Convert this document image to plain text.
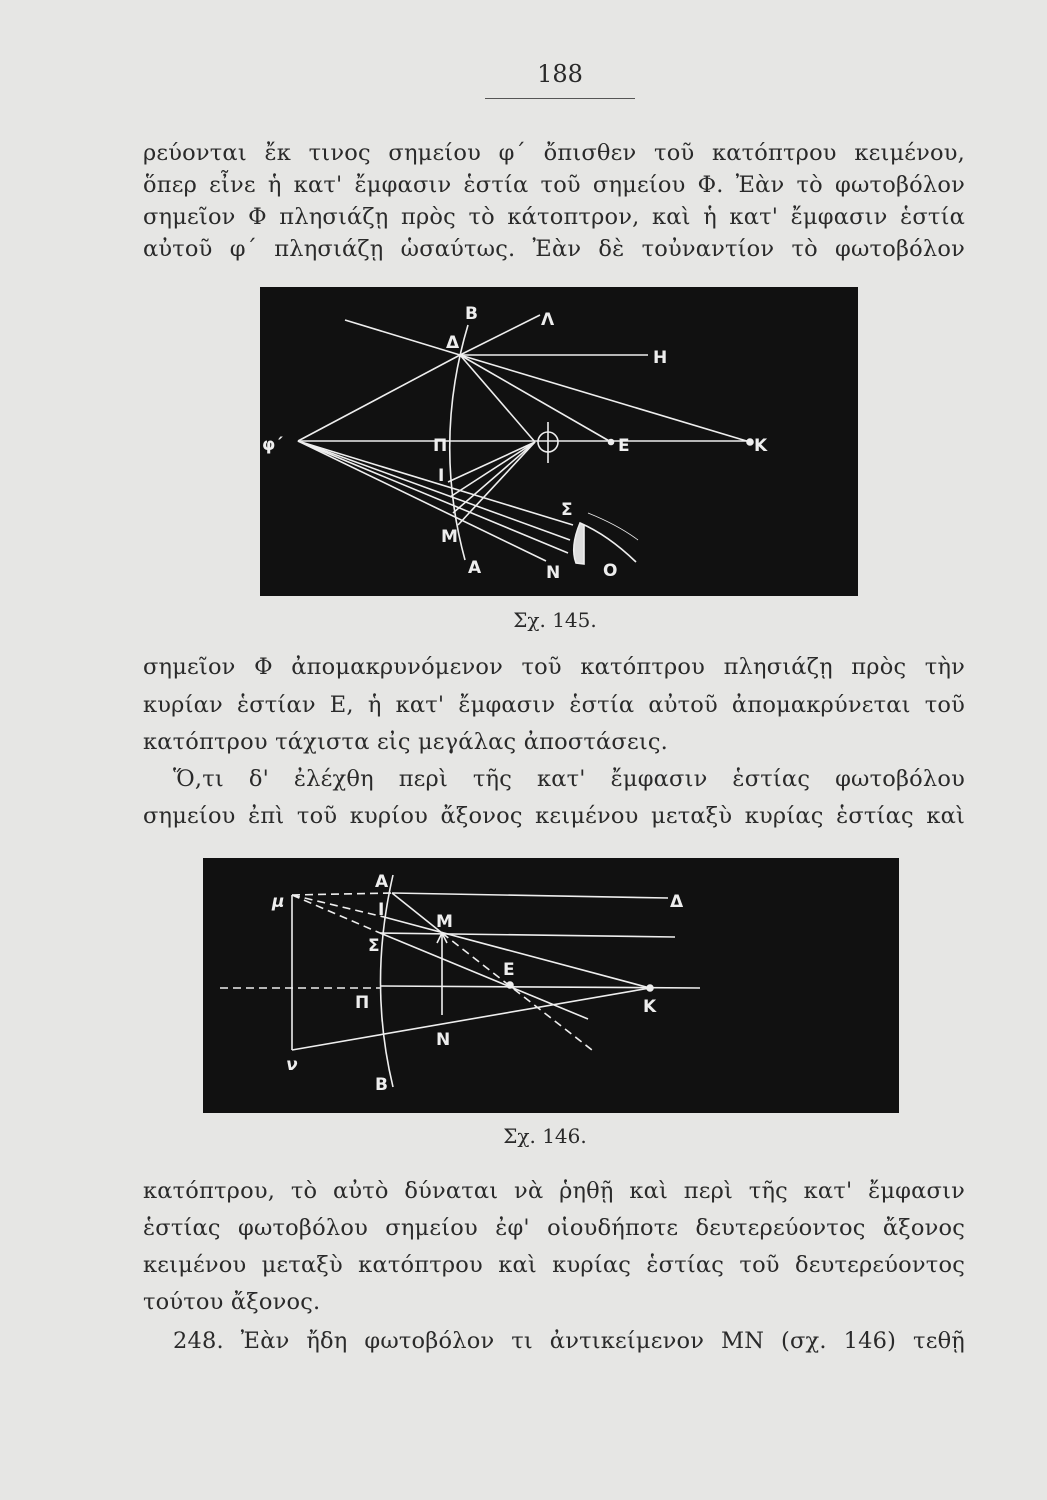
188
ρεύονται ἔκ τινος σημείου φ΄ ὄπισθεν τοῦ κατόπτρου κειμένου,
ὅπερ εἶνε ἡ κατ' ἔμφασιν ἑστία τοῦ σημείου Φ. Ἐὰν τὸ φωτοβόλον
σημεῖον Φ πλησιάζῃ πρὸς τὸ κάτοπτρον, καὶ ἡ κατ' ἔμφασιν ἑστία
αὐτοῦ φ΄ πλησιάζῃ ὡσαύτως. Ἐὰν δὲ τοὐναντίον τὸ φωτοβόλον
φ΄
B
Δ
Λ
H
Π
I
E	K
Σ
M
A	N	O
Σχ. 145.
σημεῖον Φ ἀπομακρυνόμενον τοῦ κατόπτρου πλησιάζῃ πρὸς τὴν
κυρίαν ἑστίαν Ε, ἡ κατ' ἔμφασιν ἑστία αὐτοῦ ἀπομακρύνεται τοῦ
κατόπτρου τάχιστα εἰς μεγάλας ἀποστάσεις.
Ὅ,τι δ' ἐλέχθη περὶ τῆς κατ' ἔμφασιν ἑστίας φωτοβόλου
σημείου ἐπὶ τοῦ κυρίου ἄξονος κειμένου μεταξὺ κυρίας ἑστίας καὶ
μ
ν
A
I
Σ
Π
B
M
N
E
K
Δ
Σχ. 146.
κατόπτρου, τὸ αὐτὸ δύναται νὰ ῥηθῇ καὶ περὶ τῆς κατ' ἔμφασιν
ἑστίας φωτοβόλου σημείου ἐφ' οἱουδήποτε δευτερεύοντος ἄξονος
κειμένου μεταξὺ κατόπτρου καὶ κυρίας ἑστίας τοῦ δευτερεύοντος
τούτου ἄξονος.
248. Ἐὰν ἤδη φωτοβόλον τι ἀντικείμενον ΜΝ (σχ. 146) τεθῇ
